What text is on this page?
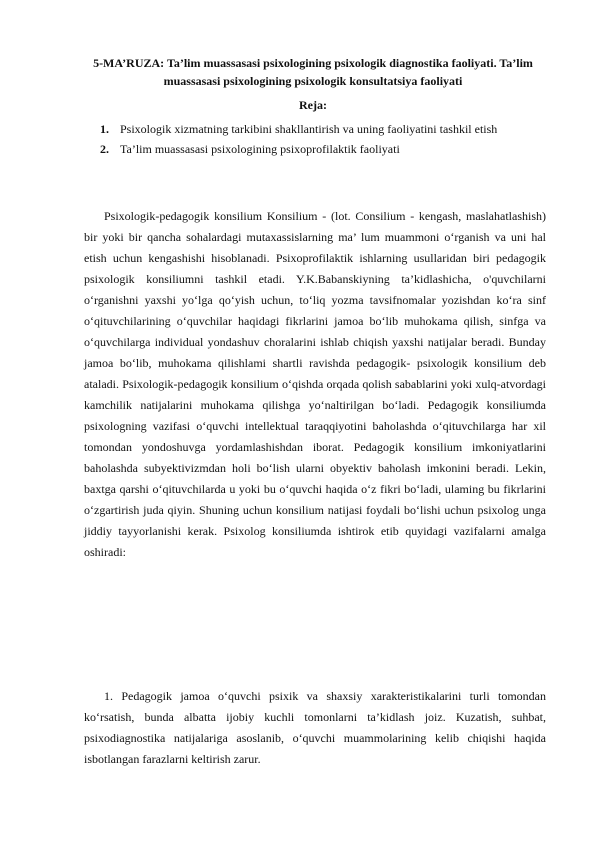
5-MA’RUZA: Ta’lim muassasasi psixologining psixologik diagnostika faoliyati. Ta’lim muassasasi psixologining psixologik konsultatsiya faoliyati
Reja:
1. Psixologik xizmatning tarkibini shakllantirish va uning faoliyatini tashkil etish
2. Ta’lim muassasasi psixologining psixoprofilaktik faoliyati

Psixologik-pedagogik konsilium Konsilium - (lot. Consilium - kengash, maslahatlashish) bir yoki bir qancha sohalardagi mutaxassislarning ma’ lum muammoni o‘rganish va uni hal etish uchun kengashishi hisoblanadi. Psixoprofilaktik ishlarning usullaridan biri pedagogik psixologik konsiliumni tashkil etadi. Y.K.Babanskiyning ta’kidlashicha, o'quvchilarni o‘rganishni yaxshi yo‘lga qo‘yish uchun, to‘liq yozma tavsifnomalar yozishdan ko‘ra sinf o‘qituvchilarining o‘quvchilar haqidagi fikrlarini jamoa bo‘lib muhokama qilish, sinfga va o‘quvchilarga individual yondashuv choralarini ishlab chiqish yaxshi natijalar beradi. Bunday jamoa bo‘lib, muhokama qilishlami shartli ravishda pedagogik- psixologik konsilium deb ataladi. Psixologik-pedagogik konsilium o‘qishda orqada qolish sabablarini yoki xulq-atvordagi kamchilik natijalarini muhokama qilishga yo‘naltirilgan bo‘ladi. Pedagogik konsiliumda psixologning vazifasi o‘quvchi intellektual taraqqiyotini baholashda o‘qituvchilarga har xil tomondan yondoshuvga yordamlashishdan iborat. Pedagogik konsilium imkoniyatlarini baholashda subyektivizmdan holi bo‘lish ularni obyektiv baholash imkonini beradi. Lekin, baxtga qarshi o‘qituvchilarda u yoki bu o‘quvchi haqida o‘z fikri bo‘ladi, ulaming bu fikrlarini o‘zgartirish juda qiyin. Shuning uchun konsilium natijasi foydali bo‘lishi uchun psixolog unga jiddiy tayyorlanishi kerak. Psixolog konsiliumda ishtirok etib quyidagi vazifalarni amalga oshiradi:

1. Pedagogik jamoa o‘quvchi psixik va shaxsiy xarakteristikalarini turli tomondan ko‘rsatish, bunda albatta ijobiy kuchli tomonlarni ta’kidlash joiz. Kuzatish, suhbat, psixodiagnostika natijalariga asoslanib, o‘quvchi muammolarining kelib chiqishi haqida isbotlangan farazlarni keltirish zarur.
